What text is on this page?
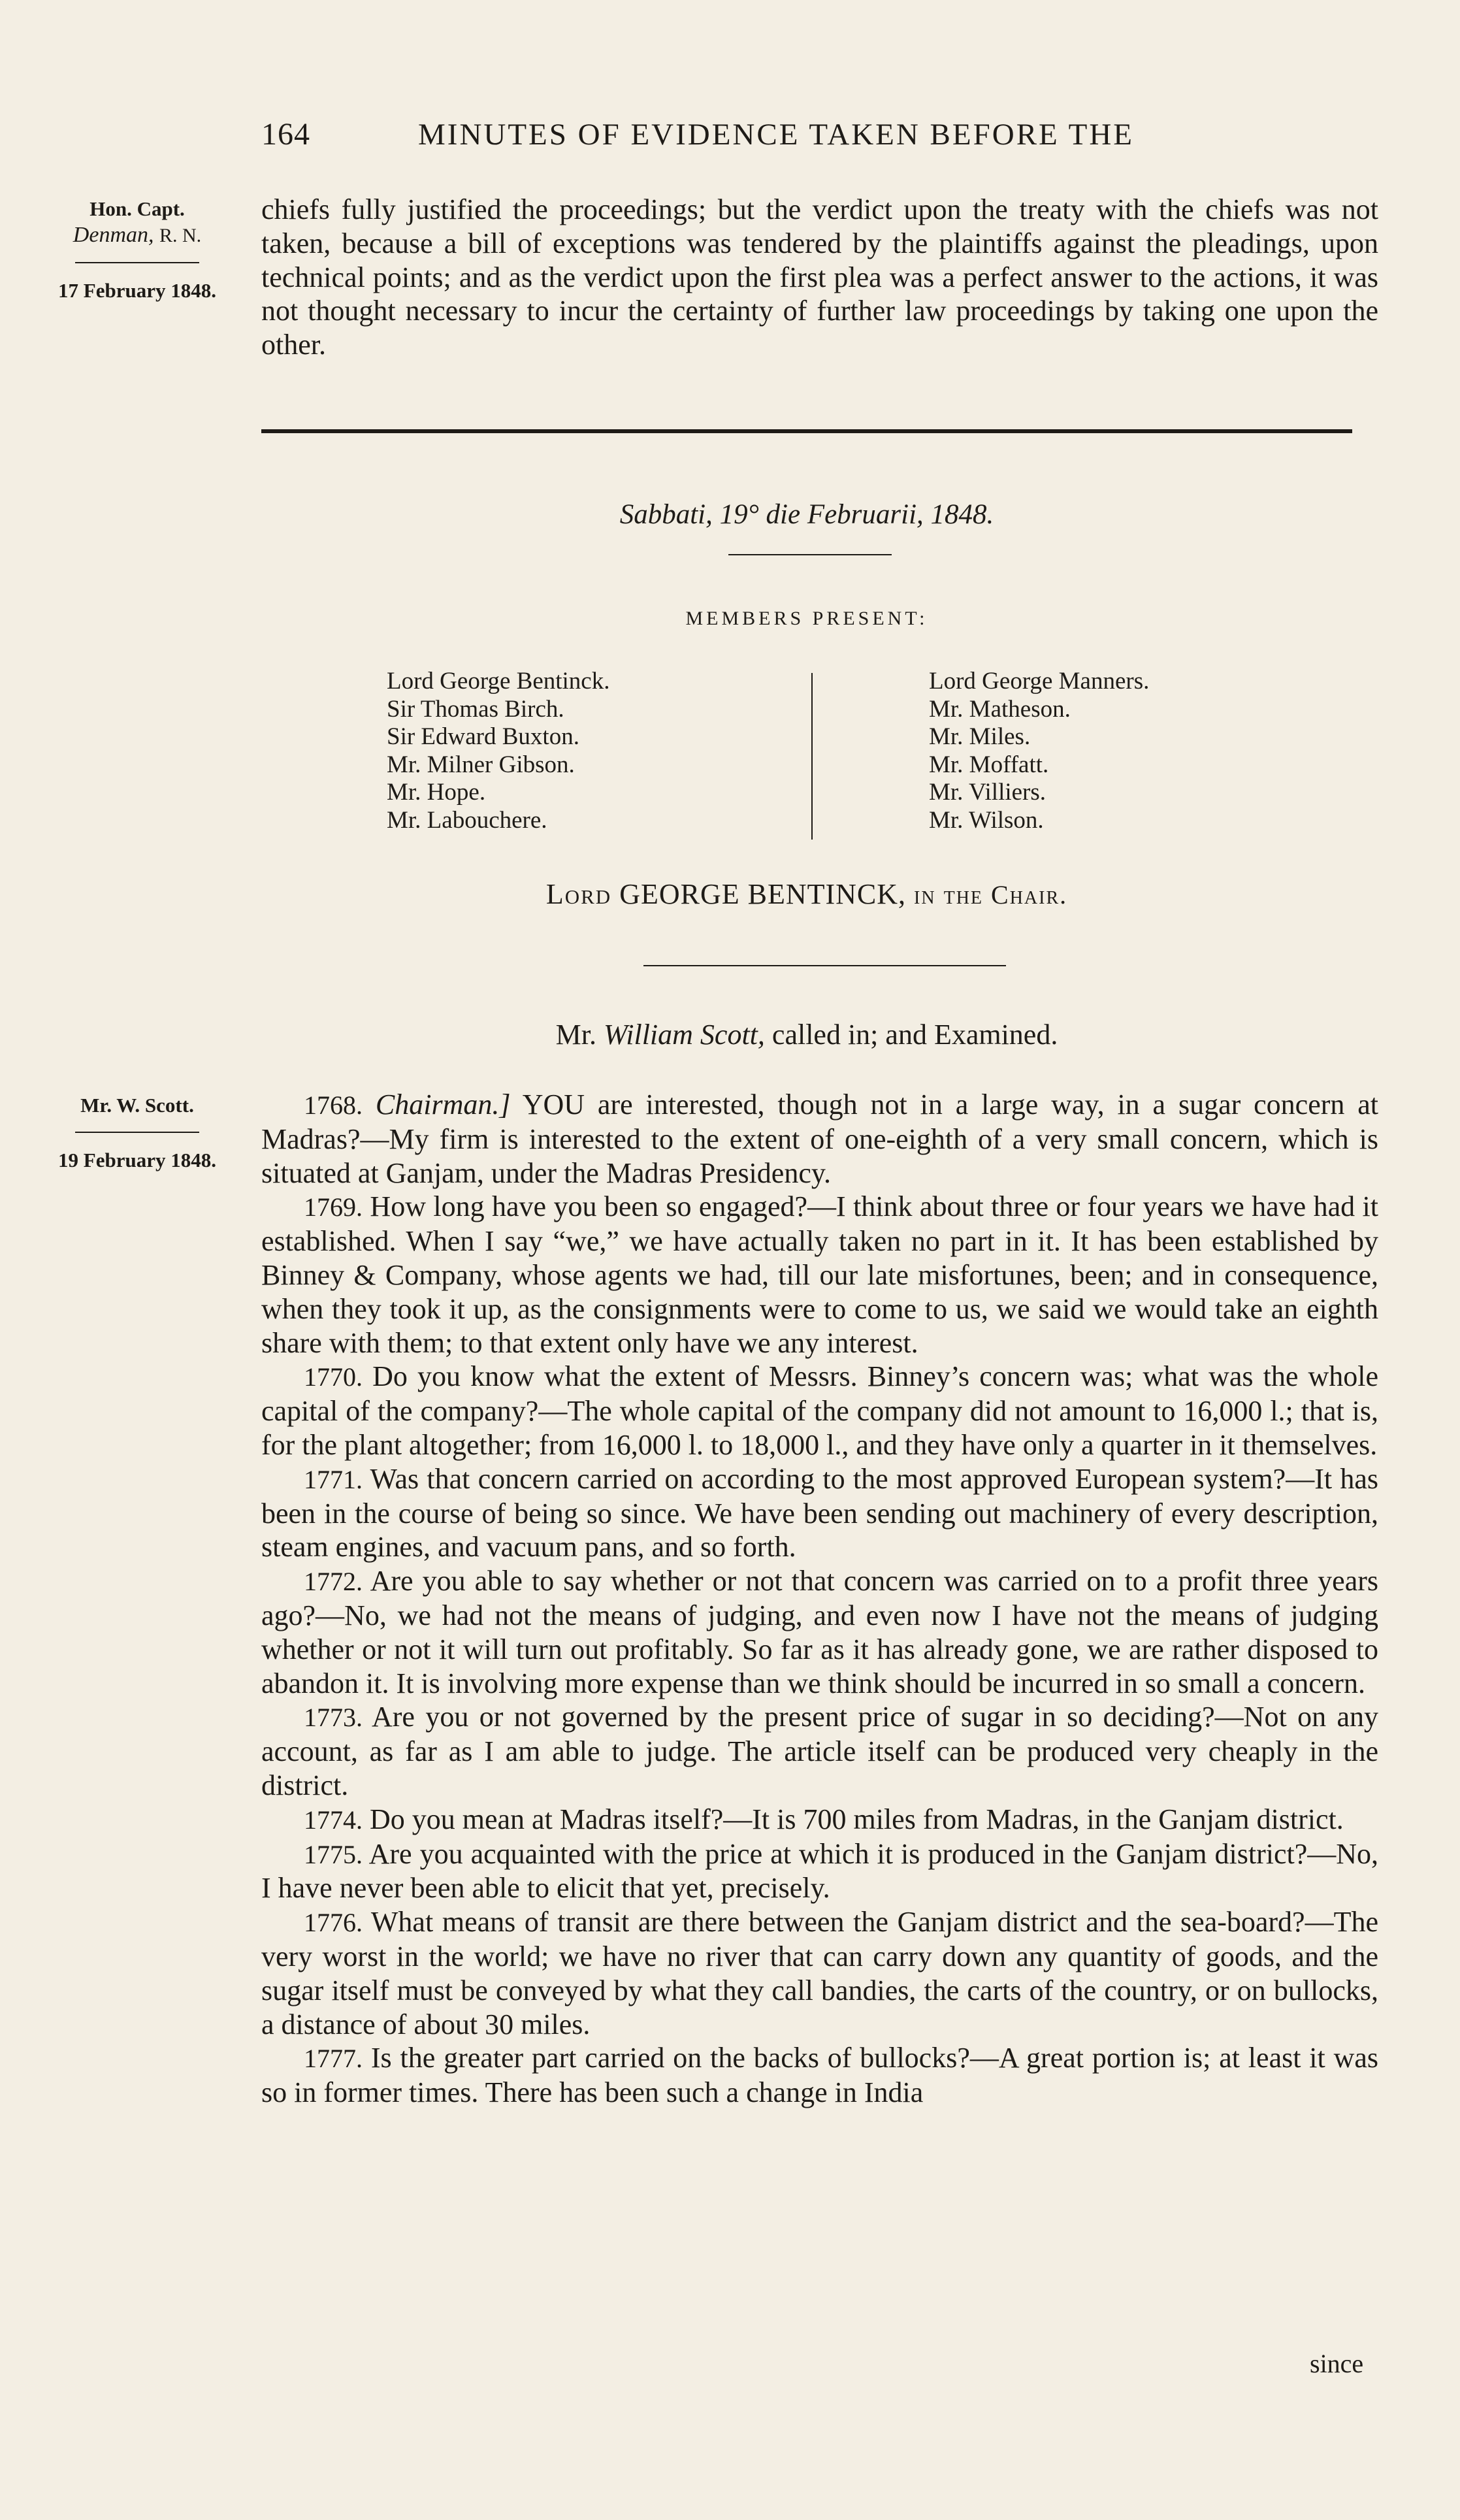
164	MINUTES OF EVIDENCE TAKEN BEFORE THE
Hon. Capt.
Denman, R. N.
17 February 1848.

chiefs fully justified the proceedings; but the verdict upon the treaty with the chiefs was not taken, because a bill of exceptions was tendered by the plaintiffs against the pleadings, upon technical points; and as the verdict upon the first plea was a perfect answer to the actions, it was not thought necessary to incur the certainty of further law proceedings by taking one upon the other.

Sabbati, 19° die Februarii, 1848.
MEMBERS PRESENT:
Lord George Bentinck.
Sir Thomas Birch.
Sir Edward Buxton.
Mr. Milner Gibson.
Mr. Hope.
Mr. Labouchere.
Lord George Manners.
Mr. Matheson.
Mr. Miles.
Mr. Moffatt.
Mr. Villiers.
Mr. Wilson.
Lord GEORGE BENTINCK, in the Chair.
Mr. William Scott, called in; and Examined.
Mr. W. Scott.
19 February 1848.

1768. Chairman.] YOU are interested, though not in a large way, in a sugar concern at Madras?—My firm is interested to the extent of one-eighth of a very small concern, which is situated at Ganjam, under the Madras Presidency.

1769. How long have you been so engaged?—I think about three or four years we have had it established. When I say “we,” we have actually taken no part in it. It has been established by Binney & Company, whose agents we had, till our late misfortunes, been; and in consequence, when they took it up, as the consignments were to come to us, we said we would take an eighth share with them; to that extent only have we any interest.

1770. Do you know what the extent of Messrs. Binney’s concern was; what was the whole capital of the company?—The whole capital of the company did not amount to 16,000 l.; that is, for the plant altogether; from 16,000 l. to 18,000 l., and they have only a quarter in it themselves.

1771. Was that concern carried on according to the most approved European system?—It has been in the course of being so since. We have been sending out machinery of every description, steam engines, and vacuum pans, and so forth.

1772. Are you able to say whether or not that concern was carried on to a profit three years ago?—No, we had not the means of judging, and even now I have not the means of judging whether or not it will turn out profitably. So far as it has already gone, we are rather disposed to abandon it. It is involving more expense than we think should be incurred in so small a concern.

1773. Are you or not governed by the present price of sugar in so deciding?—Not on any account, as far as I am able to judge. The article itself can be produced very cheaply in the district.

1774. Do you mean at Madras itself?—It is 700 miles from Madras, in the Ganjam district.

1775. Are you acquainted with the price at which it is produced in the Ganjam district?—No, I have never been able to elicit that yet, precisely.

1776. What means of transit are there between the Ganjam district and the sea-board?—The very worst in the world; we have no river that can carry down any quantity of goods, and the sugar itself must be conveyed by what they call bandies, the carts of the country, or on bullocks, a distance of about 30 miles.

1777. Is the greater part carried on the backs of bullocks?—A great portion is; at least it was so in former times. There has been such a change in India

since
